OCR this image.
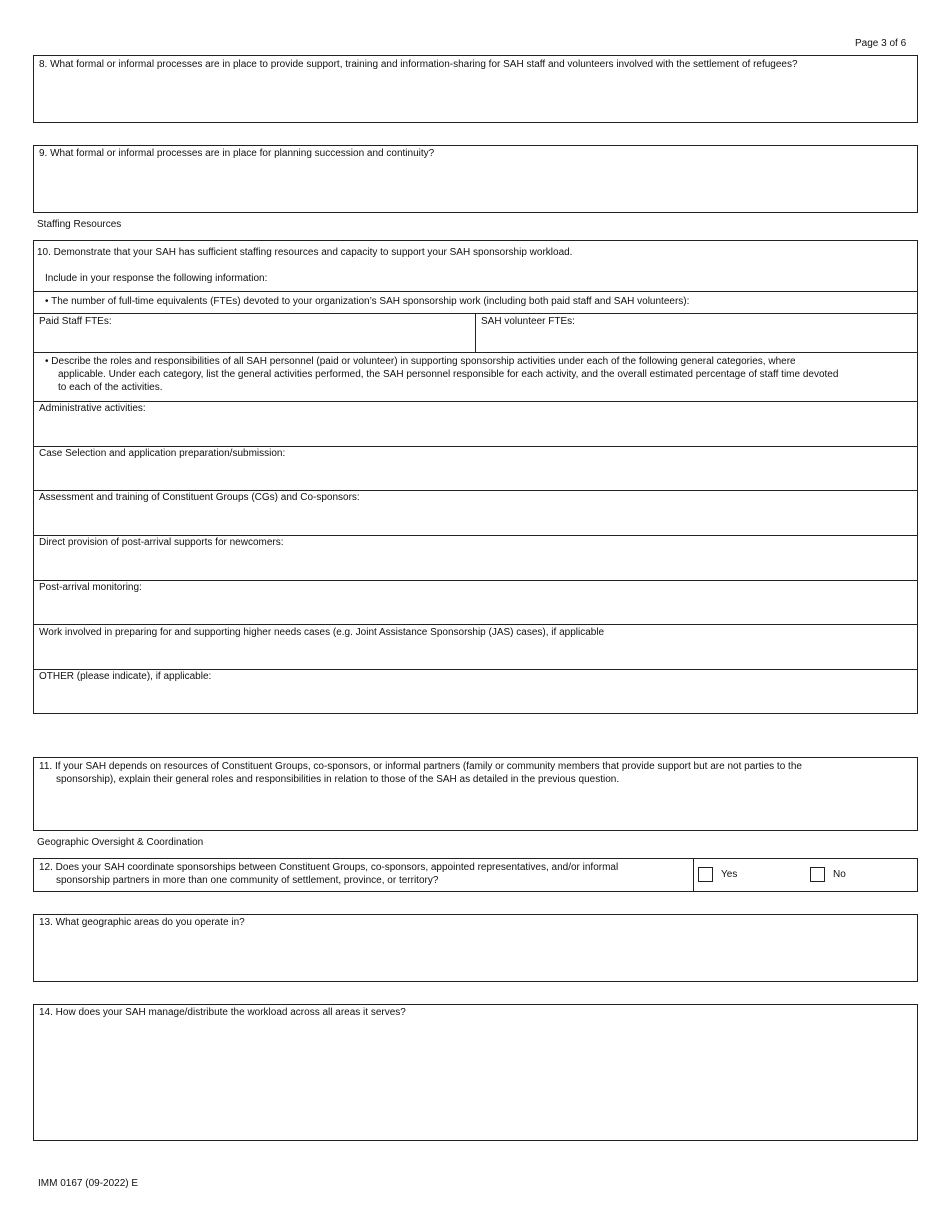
Page 3 of 6
8. What formal or informal processes are in place to provide support, training and information-sharing for SAH staff and volunteers involved with the settlement of refugees?
9. What formal or informal processes are in place for planning succession and continuity?
Staffing Resources
10. Demonstrate that your SAH has sufficient staffing resources and capacity to support your SAH sponsorship workload.
Include in your response the following information:
• The number of full-time equivalents (FTEs) devoted to your organization’s SAH sponsorship work (including both paid staff and SAH volunteers):
Paid Staff FTEs:	SAH volunteer FTEs:
• Describe the roles and responsibilities of all SAH personnel (paid or volunteer) in supporting sponsorship activities under each of the following general categories, where
applicable. Under each category, list the general activities performed, the SAH personnel responsible for each activity, and the overall estimated percentage of staff time devoted
to each of the activities.
Administrative activities:
Case Selection and application preparation/submission:
Assessment and training of Constituent Groups (CGs) and Co-sponsors:
Direct provision of post-arrival supports for newcomers:
Post-arrival monitoring:
Work involved in preparing for and supporting higher needs cases (e.g. Joint Assistance Sponsorship (JAS) cases), if applicable
OTHER (please indicate), if applicable:
11. If your SAH depends on resources of Constituent Groups, co-sponsors, or informal partners (family or community members that provide support but are not parties to the
sponsorship), explain their general roles and responsibilities in relation to those of the SAH as detailed in the previous question.
Geographic Oversight & Coordination
12. Does your SAH coordinate sponsorships between Constituent Groups, co-sponsors, appointed representatives, and/or informal
sponsorship partners in more than one community of settlement, province, or territory?
Yes	No
13. What geographic areas do you operate in?
14. How does your SAH manage/distribute the workload across all areas it serves?
IMM 0167 (09-2022) E
